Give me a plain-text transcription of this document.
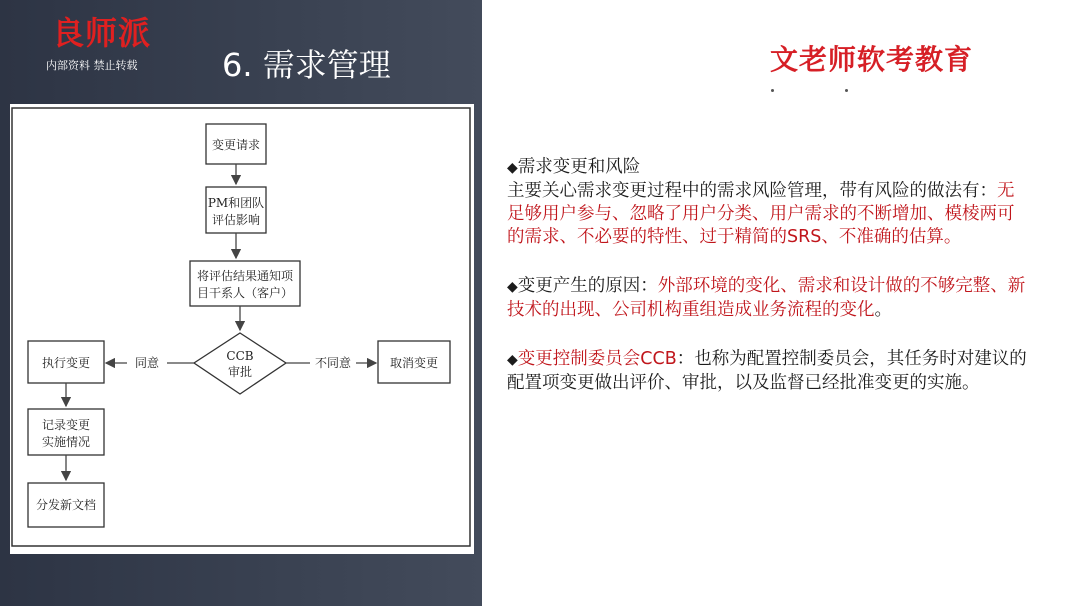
良师派
内部资料 禁止转载	6. 需求管理	文老师软考教育
变更请求
PM和团队
评估影响
将评估结果通知项
目干系人（客户）
CCB
审批
同意	不同意
执行变更	取消变更
记录变更
实施情况
分发新文档
◆需求变更和风险
主要关心需求变更过程中的需求风险管理，带有风险的做法有：无足够用户参与、忽略了用户分类、用户需求的不断增加、模棱两可的需求、不必要的特性、过于精简的SRS、不准确的估算。
◆变更产生的原因：外部环境的变化、需求和设计做的不够完整、新技术的出现、公司机构重组造成业务流程的变化。
◆变更控制委员会CCB：也称为配置控制委员会，其任务时对建议的配置项变更做出评价、审批，以及监督已经批准变更的实施。
